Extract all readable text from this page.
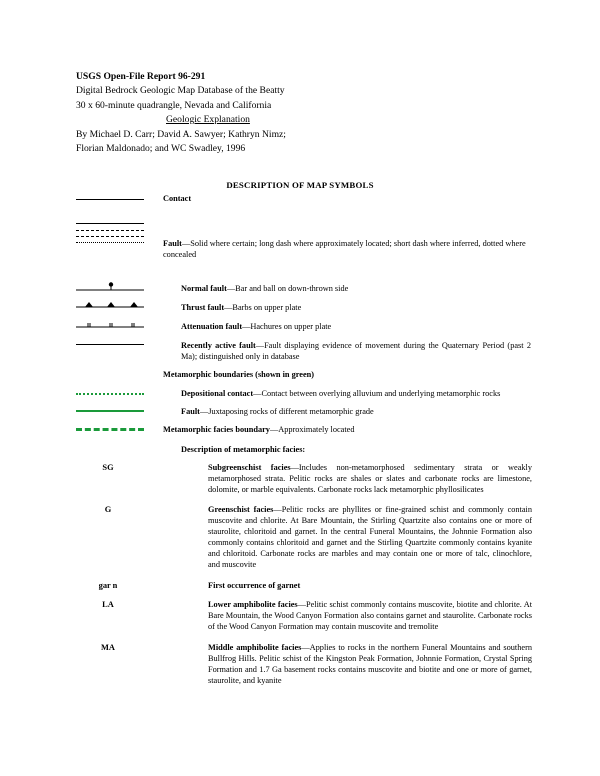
USGS Open-File Report 96-291
Digital Bedrock Geologic Map Database of the Beatty
30 x 60-minute quadrangle, Nevada and California
Geologic Explanation
By Michael D. Carr; David A. Sawyer; Kathryn Nimz;
Florian Maldonado; and WC Swadley, 1996
DESCRIPTION OF MAP SYMBOLS
Contact
Fault—Solid where certain; long dash where approximately located; short dash where inferred, dotted where concealed
Normal fault—Bar and ball on down-thrown side
Thrust fault—Barbs on upper plate
Attenuation fault—Hachures on upper plate
Recently active fault—Fault displaying evidence of movement during the Quaternary Period (past 2 Ma); distinguished only in database
Metamorphic boundaries (shown in green)
Depositional contact—Contact between overlying alluvium and underlying metamorphic rocks
Fault—Juxtaposing rocks of different metamorphic grade
Metamorphic facies boundary—Approximately located
Description of metamorphic facies:
SG	Subgreenschist facies—Includes non-metamorphosed sedimentary strata or weakly metamorphosed strata. Pelitic rocks are shales or slates and carbonate rocks are limestone, dolomite, or marble equivalents. Carbonate rocks lack metamorphic phyllosilicates
G	Greenschist facies—Pelitic rocks are phyllites or fine-grained schist and commonly contain muscovite and chlorite. At Bare Mountain, the Stirling Quartzite also contains one or more of staurolite, chloritoid and garnet. In the central Funeral Mountains, the Johnnie Formation also commonly contains chloritoid and garnet and the Stirling Quartzite commonly contains kyanite and chloritoid. Carbonate rocks are marbles and may contain one or more of talc, clinochlore, and muscovite
gar n	First occurrence of garnet
LA	Lower amphibolite facies—Pelitic schist commonly contains muscovite, biotite and chlorite. At Bare Mountain, the Wood Canyon Formation also contains garnet and staurolite. Carbonate rocks of the Wood Canyon Formation may contain muscovite and tremolite
MA	Middle amphibolite facies—Applies to rocks in the northern Funeral Mountains and southern Bullfrog Hills. Pelitic schist of the Kingston Peak Formation, Johnnie Formation, Crystal Spring Formation and 1.7 Ga basement rocks contains muscovite and biotite and one or more of garnet, staurolite, and kyanite
